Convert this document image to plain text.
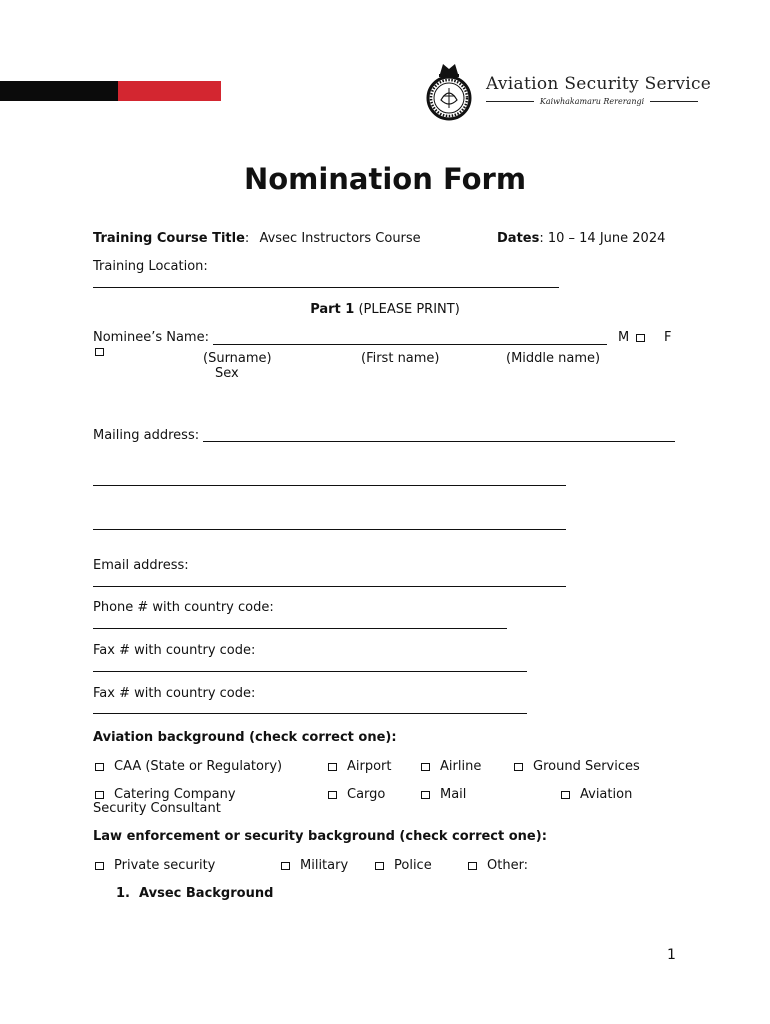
Aviation Security Service
Kaiwhakamaru Rererangi
Nomination Form
Training Course Title: Avsec Instructors Course	Dates: 10 – 14 June 2024
Training Location:
Part 1 (PLEASE PRINT)
Nominee’s Name:	M	F
(Surname)	(First name)	(Middle name)
Sex
Mailing address:
Email address:
Phone # with country code:
Fax # with country code:
Fax # with country code:
Aviation background (check correct one):
CAA (State or Regulatory)	Airport	Airline	Ground Services
Catering Company	Cargo	Mail	Aviation
Security Consultant
Law enforcement or security background (check correct one):
Private security	Military	Police	Other:
1.  Avsec Background
1
